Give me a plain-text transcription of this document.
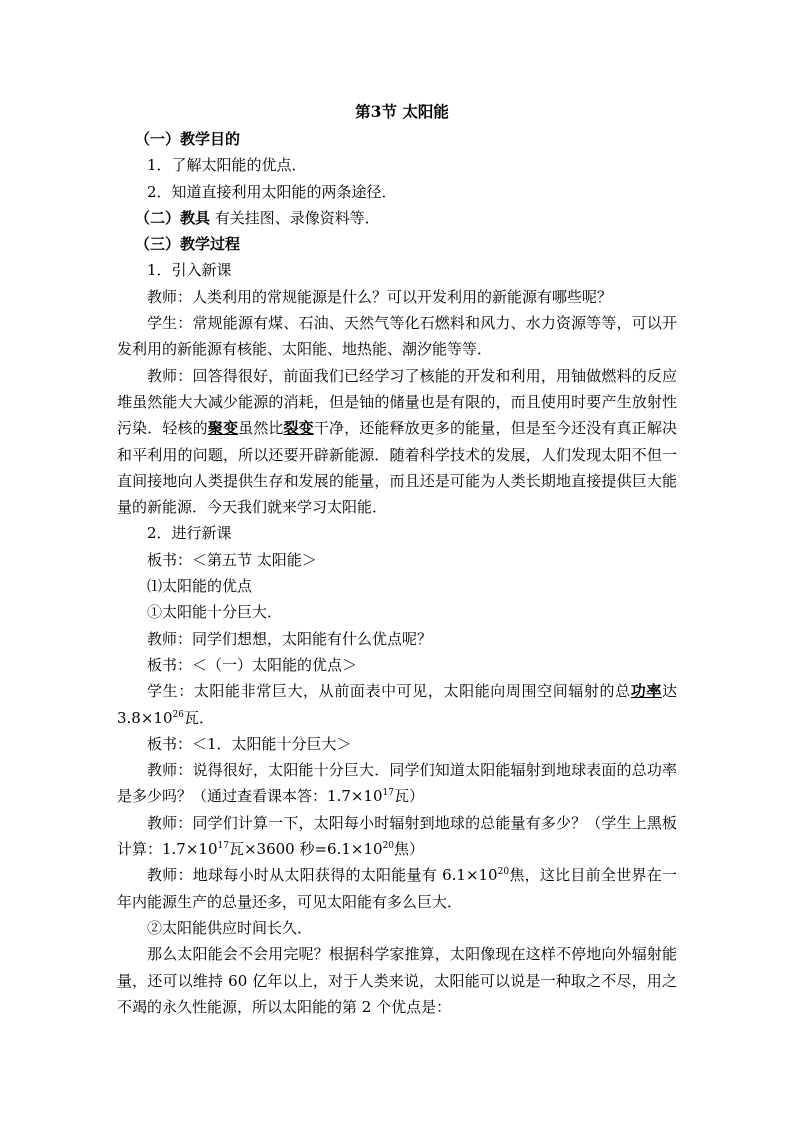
第3节 太阳能

（一）教学目的

1．了解太阳能的优点．

2．知道直接利用太阳能的两条途径．

（二）教具 有关挂图、录像资料等．

（三）教学过程

1．引入新课

教师：人类利用的常规能源是什么？可以开发利用的新能源有哪些呢？

学生：常规能源有煤、石油、天然气等化石燃料和风力、水力资源等等，可以开发利用的新能源有核能、太阳能、地热能、潮汐能等等．

教师：回答得很好，前面我们已经学习了核能的开发和利用，用铀做燃料的反应堆虽然能大大减少能源的消耗，但是铀的储量也是有限的，而且使用时要产生放射性污染．轻核的聚变虽然比裂变干净，还能释放更多的能量，但是至今还没有真正解决和平利用的问题，所以还要开辟新能源．随着科学技术的发展，人们发现太阳不但一直间接地向人类提供生存和发展的能量，而且还是可能为人类长期地直接提供巨大能量的新能源．今天我们就来学习太阳能．

2．进行新课

板书：＜第五节 太阳能＞

⑴太阳能的优点

①太阳能十分巨大．

教师：同学们想想，太阳能有什么优点呢？

板书：＜（一）太阳能的优点＞

学生：太阳能非常巨大，从前面表中可见，太阳能向周围空间辐射的总功率达 $3.8\times 10^{26}$瓦．

板书：＜1．太阳能十分巨大＞

教师：说得很好，太阳能十分巨大．同学们知道太阳能辐射到地球表面的总功率是多少吗？（通过查看课本答：$1.7\times 10^{17}$瓦）

教师：同学们计算一下，太阳每小时辐射到地球的总能量有多少？（学生上黑板计算：$1.7\times 10^{17}$瓦×3600 秒$=6.1\times 10^{20}$焦）

教师：地球每小时从太阳获得的太阳能量有 $6.1\times 10^{20}$焦，这比目前全世界在一年内能源生产的总量还多，可见太阳能有多么巨大．

②太阳能供应时间长久．

那么太阳能会不会用完呢？根据科学家推算，太阳像现在这样不停地向外辐射能量，还可以维持 60 亿年以上，对于人类来说，太阳能可以说是一种取之不尽，用之不竭的永久性能源，所以太阳能的第 2 个优点是：
